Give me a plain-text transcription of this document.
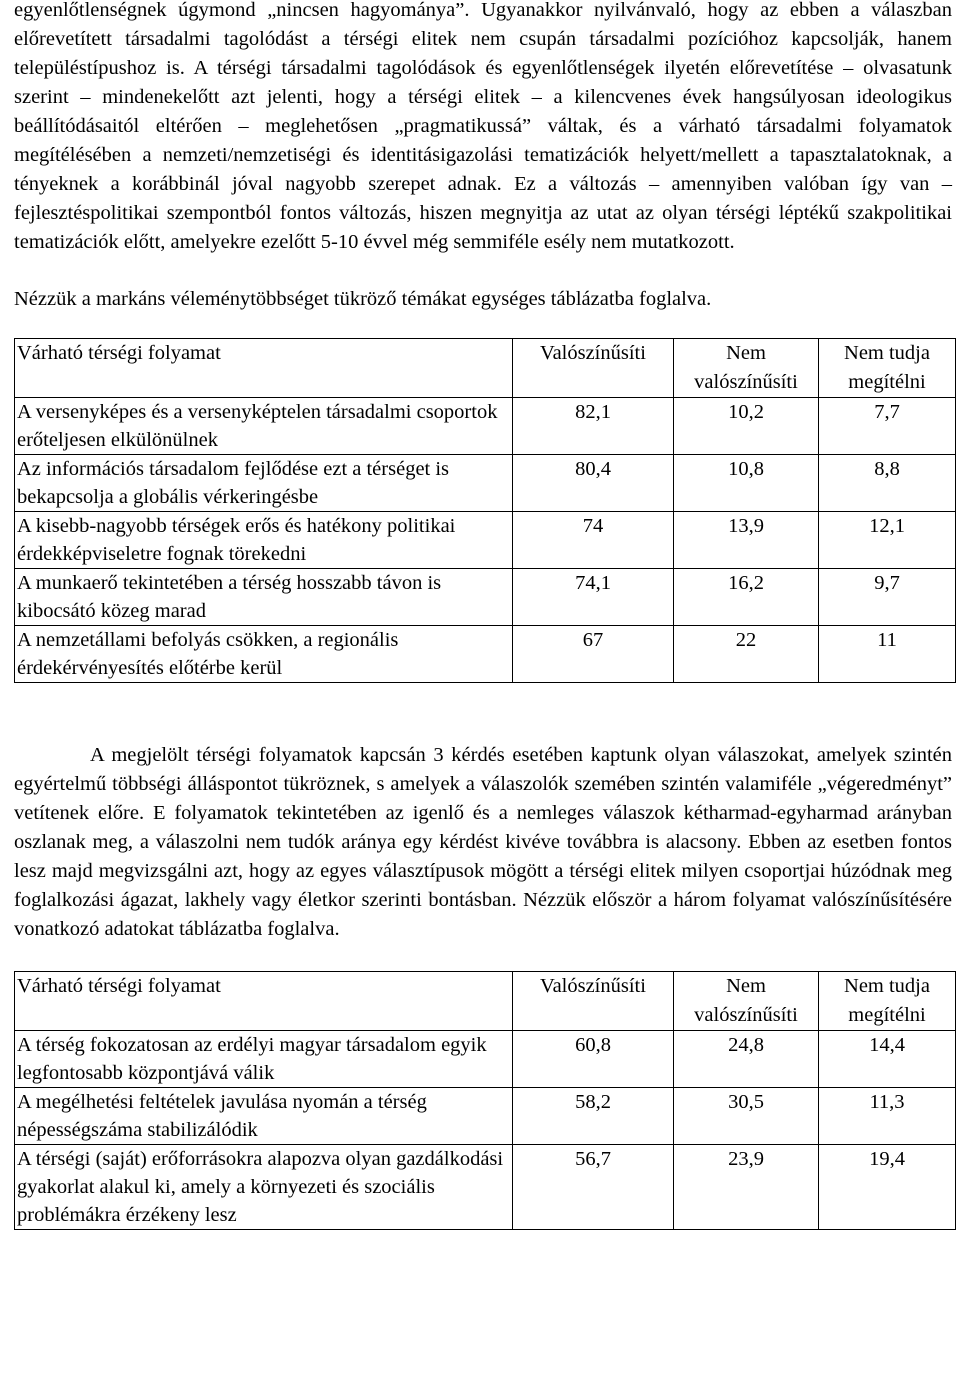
egyenlőtlenségnek úgymond „nincsen hagyománya”. Ugyanakkor nyilvánvaló, hogy az ebben a válaszban előrevetített társadalmi tagolódást a térségi elitek nem csupán társadalmi pozícióhoz kapcsolják, hanem településtípushoz is. A térségi társadalmi tagolódások és egyenlőtlenségek ilyetén előrevetítése – olvasatunk szerint – mindenekelőtt azt jelenti, hogy a térségi elitek – a kilencvenes évek hangsúlyosan ideologikus beállítódásaitól eltérően – meglehetősen „pragmatikussá” váltak, és a várható társadalmi folyamatok megítélésében a nemzeti/nemzetiségi és identitásigazolási tematizációk helyett/mellett a tapasztalatoknak, a tényeknek a korábbinál jóval nagyobb szerepet adnak. Ez a változás – amennyiben valóban így van – fejlesztéspolitikai szempontból fontos változás, hiszen megnyitja az utat az olyan térségi léptékű szakpolitikai tematizációk előtt, amelyekre ezelőtt 5-10 évvel még semmiféle esély nem mutatkozott.

Nézzük a markáns véleménytöbbséget tükröző témákat egységes táblázatba foglalva.

Várható térségi folyamat	Valószínűsíti	Nem valószínűsíti	Nem tudja megítélni
A versenyképes és a versenyképtelen társadalmi csoportok erőteljesen elkülönülnek	82,1	10,2	7,7
Az információs társadalom fejlődése ezt a térséget is bekapcsolja a globális vérkeringésbe	80,4	10,8	8,8
A kisebb-nagyobb térségek erős és hatékony politikai érdekképviseletre fognak törekedni	74	13,9	12,1
A munkaerő tekintetében a térség hosszabb távon is kibocsátó közeg marad	74,1	16,2	9,7
A nemzetállami befolyás csökken, a regionális érdekérvényesítés előtérbe kerül	67	22	11

A megjelölt térségi folyamatok kapcsán 3 kérdés esetében kaptunk olyan válaszokat, amelyek szintén egyértelmű többségi álláspontot tükröznek, s amelyek a válaszolók szemében szintén valamiféle „végeredményt” vetítenek előre. E folyamatok tekintetében az igenlő és a nemleges válaszok kétharmad-egyharmad arányban oszlanak meg, a válaszolni nem tudók aránya egy kérdést kivéve továbbra is alacsony. Ebben az esetben fontos lesz majd megvizsgálni azt, hogy az egyes választípusok mögött a térségi elitek milyen csoportjai húzódnak meg foglalkozási ágazat, lakhely vagy életkor szerinti bontásban. Nézzük először a három folyamat valószínűsítésére vonatkozó adatokat táblázatba foglalva.

Várható térségi folyamat	Valószínűsíti	Nem valószínűsíti	Nem tudja megítélni
A térség fokozatosan az erdélyi magyar társadalom egyik legfontosabb központjává válik	60,8	24,8	14,4
A megélhetési feltételek javulása nyomán a térség népességszáma stabilizálódik	58,2	30,5	11,3
A térségi (saját) erőforrásokra alapozva olyan gazdálkodási gyakorlat alakul ki, amely a környezeti és szociális problémákra érzékeny lesz	56,7	23,9	19,4
